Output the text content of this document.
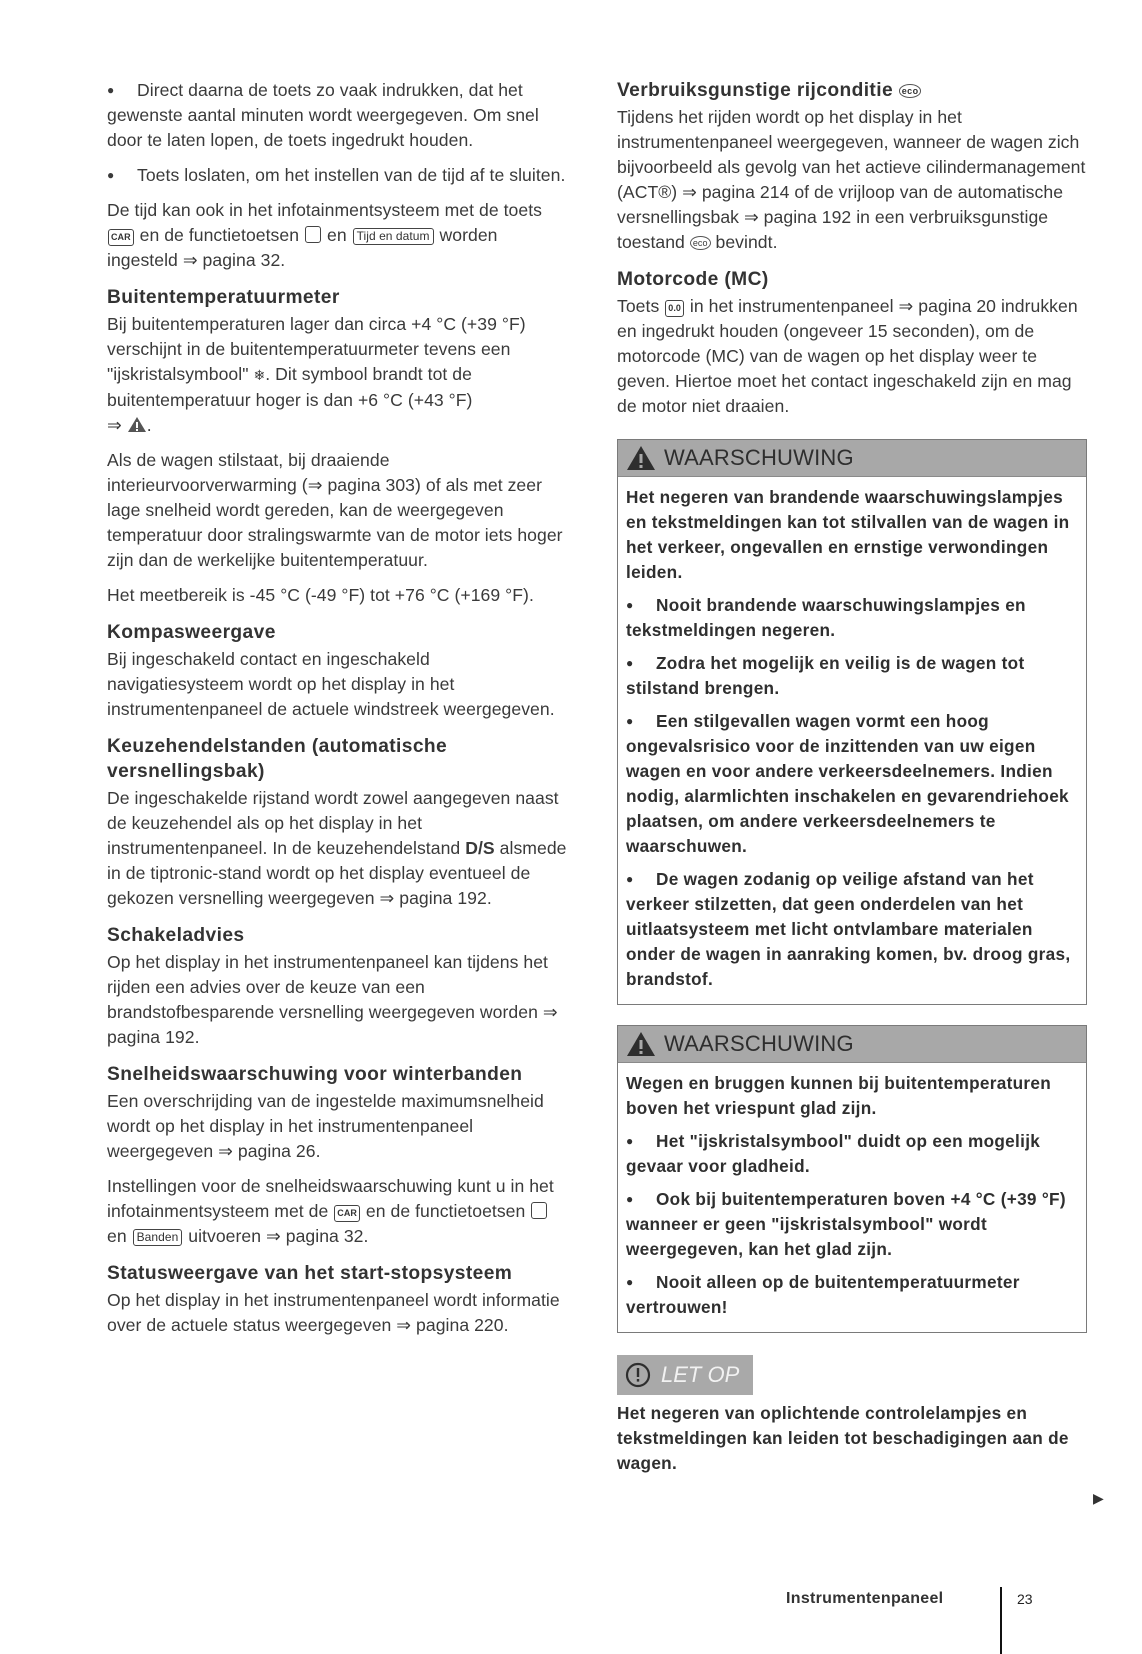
● Direct daarna de toets zo vaak indrukken, dat het gewenste aantal minuten wordt weergegeven. Om snel door te laten lopen, de toets ingedrukt houden.
● Toets loslaten, om het instellen van de tijd af te sluiten.

De tijd kan ook in het infotainmentsysteem met de toets CAR en de functietoetsen en Tijd en datum worden ingesteld ⇒ pagina 32.

Buitentemperatuurmeter

Bij buitentemperaturen lager dan circa +4 °C (+39 °F) verschijnt in de buitentemperatuurmeter tevens een "ijskristalsymbool" ❄. Dit symbool brandt tot de buitentemperatuur hoger is dan +6 °C (+43 °F)
⇒ .

Als de wagen stilstaat, bij draaiende interieurvoorverwarming (⇒ pagina 303) of als met zeer lage snelheid wordt gereden, kan de weergegeven temperatuur door stralingswarmte van de motor iets hoger zijn dan de werkelijke buitentemperatuur.

Het meetbereik is -45 °C (-49 °F) tot +76 °C (+169 °F).

Kompasweergave

Bij ingeschakeld contact en ingeschakeld navigatiesysteem wordt op het display in het instrumentenpaneel de actuele windstreek weergegeven.

Keuzehendelstanden (automatische versnellingsbak)

De ingeschakelde rijstand wordt zowel aangegeven naast de keuzehendel als op het display in het instrumentenpaneel. In de keuzehendelstand D/S alsmede in de tiptronic-stand wordt op het display eventueel de gekozen versnelling weergegeven ⇒ pagina 192.

Schakeladvies

Op het display in het instrumentenpaneel kan tijdens het rijden een advies over de keuze van een brandstofbesparende versnelling weergegeven worden ⇒ pagina 192.

Snelheidswaarschuwing voor winterbanden

Een overschrijding van de ingestelde maximumsnelheid wordt op het display in het instrumentenpaneel weergegeven ⇒ pagina 26.

Instellingen voor de snelheidswaarschuwing kunt u in het infotainmentsysteem met de CAR en de functietoetsen  en Banden uitvoeren ⇒ pagina 32.

Statusweergave van het start-stopsysteem

Op het display in het instrumentenpaneel wordt informatie over de actuele status weergegeven ⇒ pagina 220.

Verbruiksgunstige rijconditie eco

Tijdens het rijden wordt op het display in het instrumentenpaneel weergegeven, wanneer de wagen zich bijvoorbeeld als gevolg van het actieve cilindermanagement (ACT®) ⇒ pagina 214 of de vrijloop van de automatische versnellingsbak ⇒ pagina 192 in een verbruiksgunstige toestand eco bevindt.

Motorcode (MC)

Toets 0.0 in het instrumentenpaneel ⇒ pagina 20 indrukken en ingedrukt houden (ongeveer 15 seconden), om de motorcode (MC) van de wagen op het display weer te geven. Hiertoe moet het contact ingeschakeld zijn en mag de motor niet draaien.

WAARSCHUWING

Het negeren van brandende waarschuwingslampjes en tekstmeldingen kan tot stilvallen van de wagen in het verkeer, ongevallen en ernstige verwondingen leiden.

● Nooit brandende waarschuwingslampjes en tekstmeldingen negeren.
● Zodra het mogelijk en veilig is de wagen tot stilstand brengen.
● Een stilgevallen wagen vormt een hoog ongevalsrisico voor de inzittenden van uw eigen wagen en voor andere verkeersdeelnemers. Indien nodig, alarmlichten inschakelen en gevarendriehoek plaatsen, om andere verkeersdeelnemers te waarschuwen.
● De wagen zodanig op veilige afstand van het verkeer stilzetten, dat geen onderdelen van het uitlaatsysteem met licht ontvlambare materialen onder de wagen in aanraking komen, bv. droog gras, brandstof.
WAARSCHUWING

Wegen en bruggen kunnen bij buitentemperaturen boven het vriespunt glad zijn.

● Het "ijskristalsymbool" duidt op een mogelijk gevaar voor gladheid.
● Ook bij buitentemperaturen boven +4 °C (+39 °F) wanneer er geen "ijskristalsymbool" wordt weergegeven, kan het glad zijn.
● Nooit alleen op de buitentemperatuurmeter vertrouwen!
LET OP

Het negeren van oplichtende controlelampjes en tekstmeldingen kan leiden tot beschadigingen aan de wagen.

▶
Instrumentenpaneel	23
